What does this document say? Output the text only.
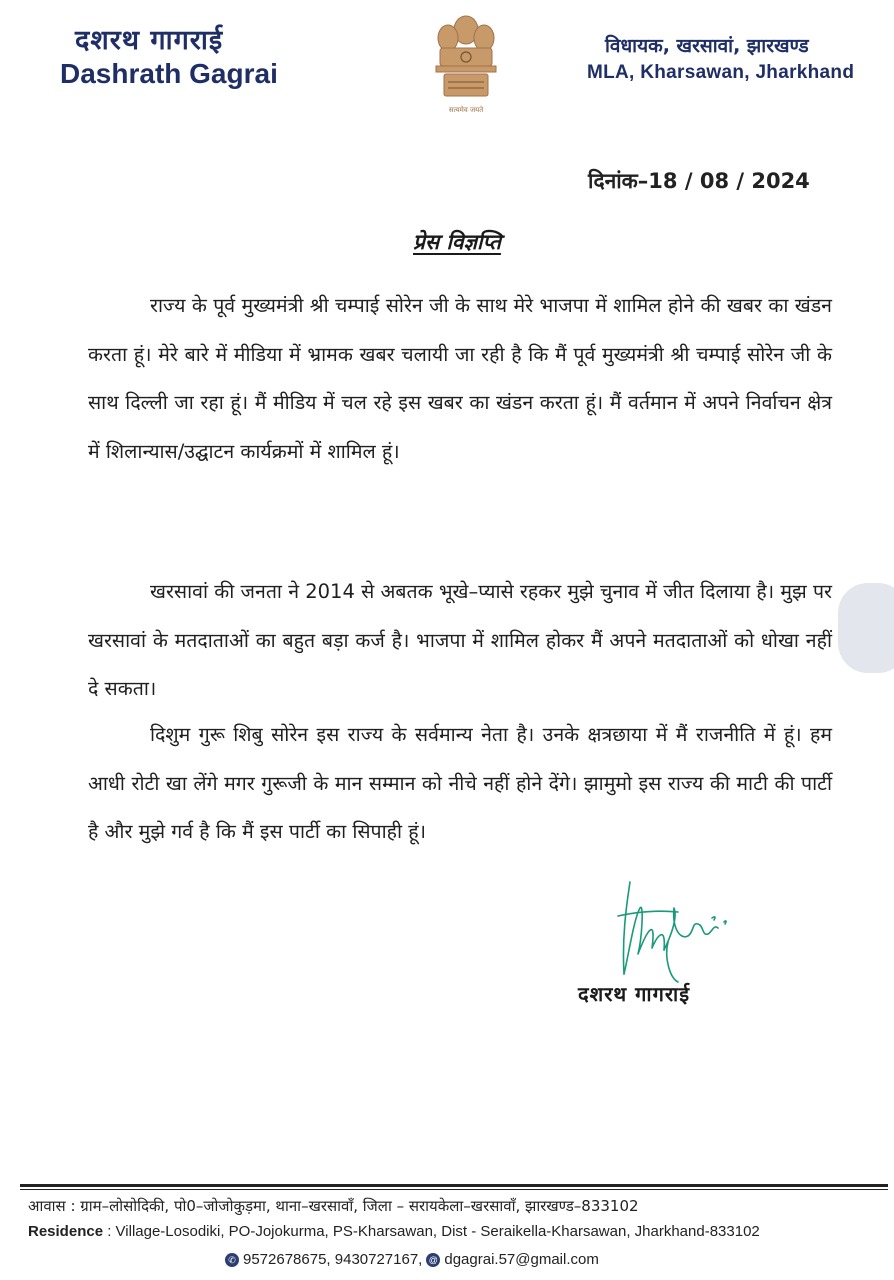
दशरथ गागराई
Dashrath Gagrai
सत्यमेव जयते
विधायक, खरसावां, झारखण्ड
MLA, Kharsawan, Jharkhand
दिनांक–18 / 08 / 2024
प्रेस विज्ञप्ति
राज्य के पूर्व मुख्यमंत्री श्री चम्पाई सोरेन जी के साथ मेरे भाजपा में शामिल होने की खबर का खंडन करता हूं। मेरे बारे में मीडिया में भ्रामक खबर चलायी जा रही है कि मैं पूर्व मुख्यमंत्री श्री चम्पाई सोरेन जी के साथ दिल्ली जा रहा हूं। मैं मीडिय में चल रहे इस खबर का खंडन करता हूं। मैं वर्तमान में अपने निर्वाचन क्षेत्र में शिलान्यास/उद्घाटन कार्यक्रमों में शामिल हूं।
खरसावां की जनता ने 2014 से अबतक भूखे–प्यासे रहकर मुझे चुनाव में जीत दिलाया है। मुझ पर खरसावां के मतदाताओं का बहुत बड़ा कर्ज है। भाजपा में शामिल होकर मैं अपने मतदाताओं को धोखा नहीं दे सकता।
दिशुम गुरू शिबु सोरेन इस राज्य के सर्वमान्य नेता है। उनके क्षत्रछाया में मैं राजनीति में हूं। हम आधी रोटी खा लेंगे मगर गुरूजी के मान सम्मान को नीचे नहीं होने देंगे। झामुमो इस राज्य की माटी की पार्टी है और मुझे गर्व है कि मैं इस पार्टी का सिपाही हूं।
दशरथ गागराई
आवास : ग्राम–लोसोदिकी, पो0–जोजोकुड़मा, थाना–खरसावाँ, जिला – सरायकेला–खरसावाँ, झारखण्ड–833102
Residence : Village-Losodiki, PO-Jojokurma, PS-Kharsawan, Dist - Seraikella-Kharsawan, Jharkhand-833102
✆ 9572678675, 9430727167, @ dgagrai.57@gmail.com
